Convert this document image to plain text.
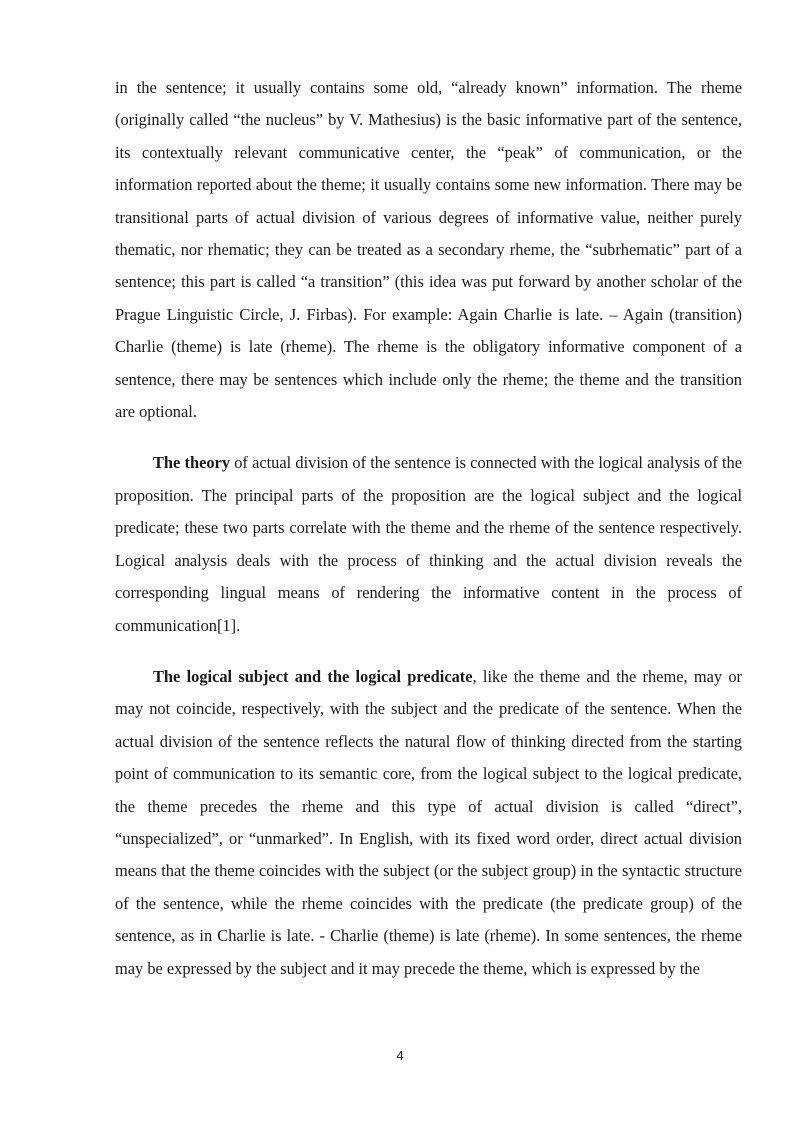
in the sentence; it usually contains some old, “already known” information. The rheme (originally called “the nucleus” by V. Mathesius) is the basic informative part of the sentence, its contextually relevant communicative center, the “peak” of communication, or the information reported about the theme; it usually contains some new information. There may be transitional parts of actual division of various degrees of informative value, neither purely thematic, nor rhematic; they can be treated as a secondary rheme, the “subrhematic” part of a sentence; this part is called “a transition” (this idea was put forward by another scholar of the Prague Linguistic Circle, J. Firbas). For example: Again Charlie is late. – Again (transition) Charlie (theme) is late (rheme). The rheme is the obligatory informative component of a sentence, there may be sentences which include only the rheme; the theme and the transition are optional.

The theory of actual division of the sentence is connected with the logical analysis of the proposition. The principal parts of the proposition are the logical subject and the logical predicate; these two parts correlate with the theme and the rheme of the sentence respectively. Logical analysis deals with the process of thinking and the actual division reveals the corresponding lingual means of rendering the informative content in the process of communication[1].

The logical subject and the logical predicate, like the theme and the rheme, may or may not coincide, respectively, with the subject and the predicate of the sentence. When the actual division of the sentence reflects the natural flow of thinking directed from the starting point of communication to its semantic core, from the logical subject to the logical predicate, the theme precedes the rheme and this type of actual division is called “direct”, “unspecialized”, or “unmarked”. In English, with its fixed word order, direct actual division means that the theme coincides with the subject (or the subject group) in the syntactic structure of the sentence, while the rheme coincides with the predicate (the predicate group) of the sentence, as in Charlie is late. - Charlie (theme) is late (rheme). In some sentences, the rheme may be expressed by the subject and it may precede the theme, which is expressed by the

4
